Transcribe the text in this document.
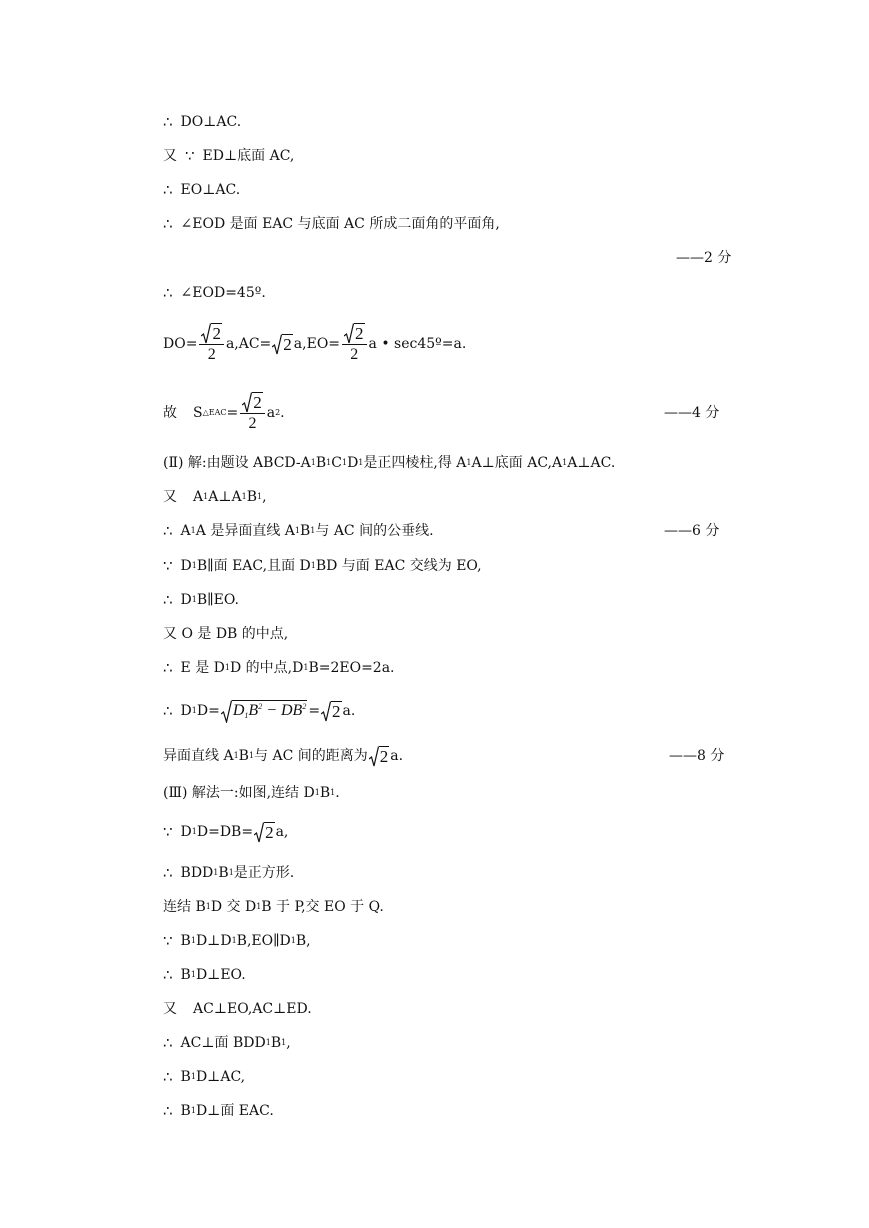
∴ DO⊥AC.
又 ∵ ED⊥底面 AC,
∴ EO⊥AC.
∴ ∠EOD 是面 EAC 与底面 AC 所成二面角的平面角,
——2 分
∴ ∠EOD=45º.
$DO= \frac{2}{2} a,AC= 2$ $a,EO= \frac{2}{2}$ a • sec45º=a.
故 S △EAC = $\frac{2}{2}$ a 2 .	——4 分
(Ⅱ) 解:由题设 ABCD-A 1 B 1 C 1 D 1 是正四棱柱,得 A 1 A⊥底面 AC,A 1 A⊥AC.
又 A 1 A⊥A 1 B 1 ,
∴ A 1 A 是异面直线 A 1 B 1 与 AC 间的公垂线.	——6 分
∵ D 1 B∥面 EAC,且面 D 1 BD 与面 EAC 交线为 EO,
∴ D 1 B∥EO.
又 O 是 DB 的中点,
∴ E 是 D 1 D 的中点,D 1 B=2EO=2a.
∴ D 1 $D= D_1B^2 - DB^2 = 2$ a.
异面直线 A 1 B 1 与 AC 间的距离为 2 a.	——8 分
(Ⅲ) 解法一:如图,连结 D 1 B 1 .
∵ D 1 D=DB= 2 a,
∴ BDD 1 B 1 是正方形.
连结 B 1 D 交 D 1 B 于 P,交 EO 于 Q.
∵ B 1 D⊥D 1 B,EO∥D 1 B,
∴ B 1 D⊥EO.
又 AC⊥EO,AC⊥ED.
∴ AC⊥面 BDD 1 B 1 ,
∴ B 1 D⊥AC,
∴ B 1 D⊥面 EAC.
